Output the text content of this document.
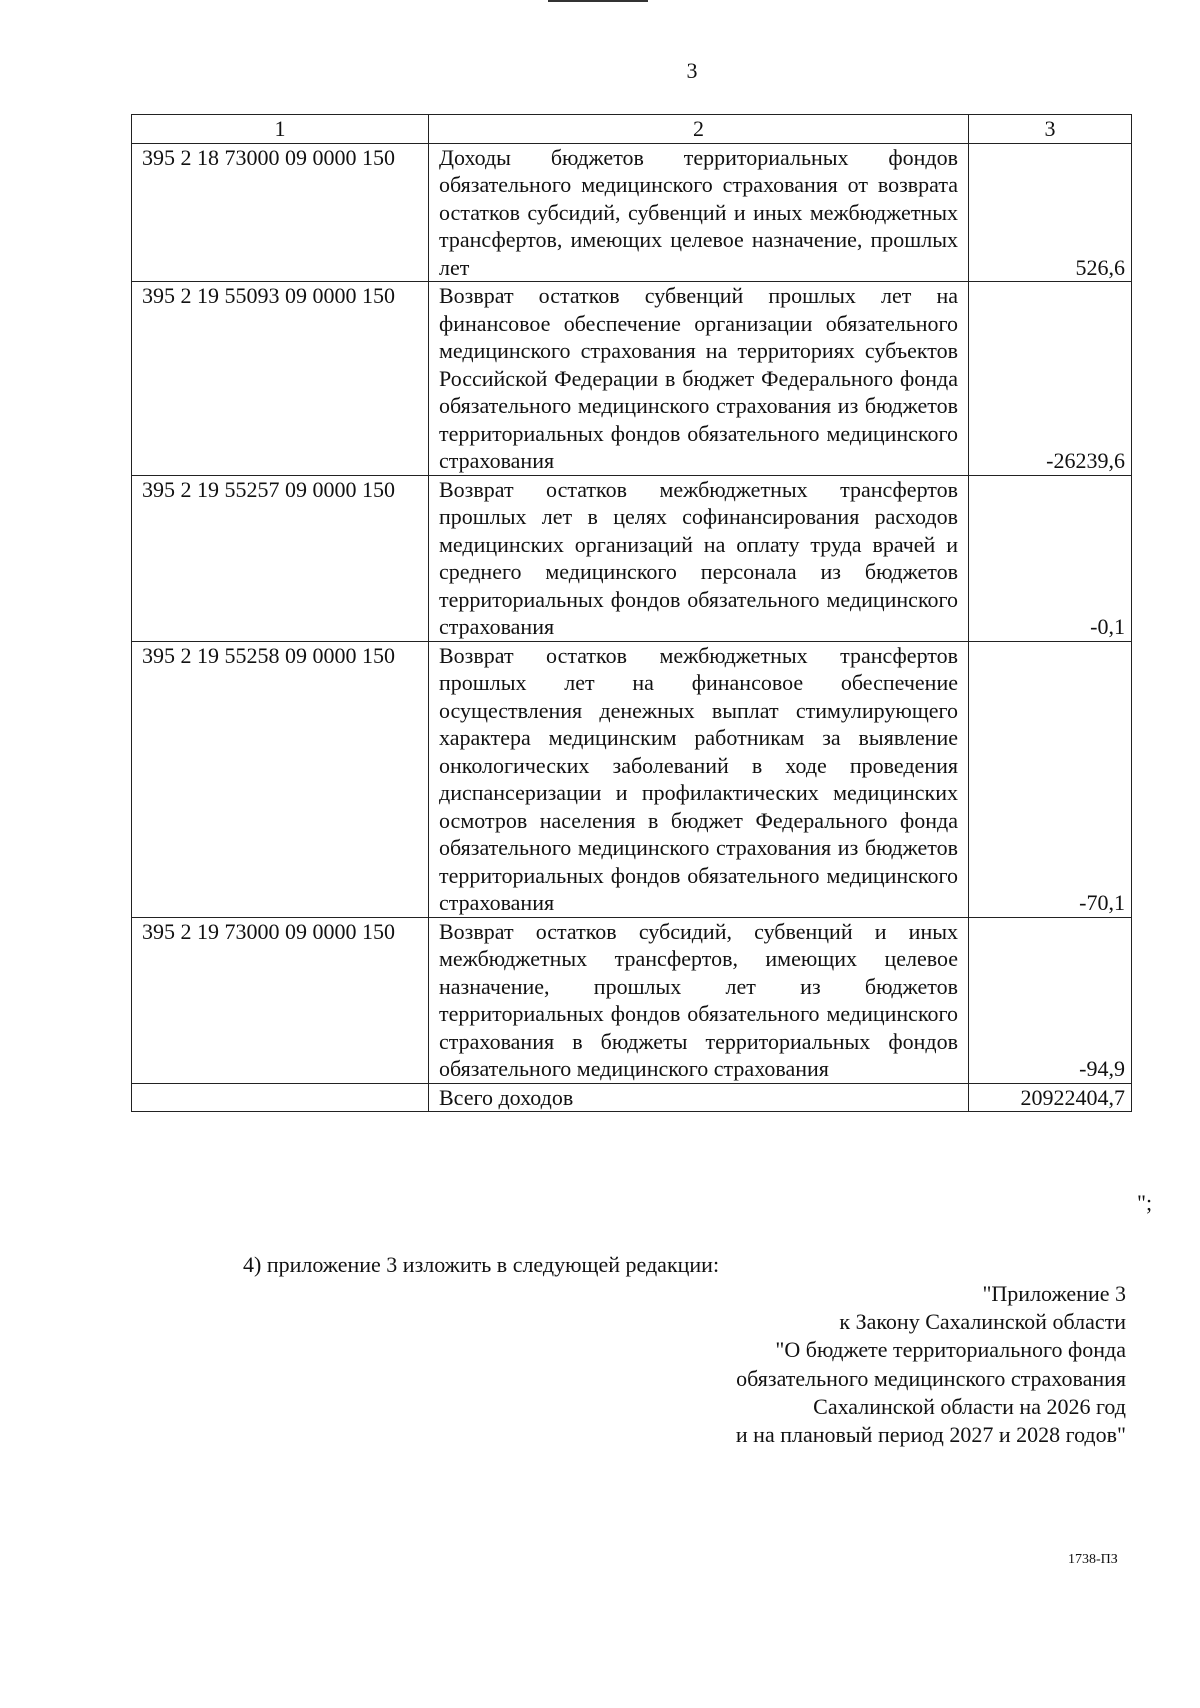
3
1	2	3
395 2 18 73000 09 0000 150	Доходы бюджетов территориальных фондов обязательного медицинского страхования от возврата остатков субсидий, субвенций и иных межбюджетных трансфертов, имеющих целевое назначение, прошлых лет	526,6
395 2 19 55093 09 0000 150	Возврат остатков субвенций прошлых лет на финансовое обеспечение организации обязательного медицинского страхования на территориях субъектов Российской Федерации в бюджет Федерального фонда обязательного медицинского страхования из бюджетов территориальных фондов обязательного медицинского страхования	-26239,6
395 2 19 55257 09 0000 150	Возврат остатков межбюджетных трансфертов прошлых лет в целях софинансирования расходов медицинских организаций на оплату труда врачей и среднего медицинского персонала из бюджетов территориальных фондов обязательного медицинского страхования	-0,1
395 2 19 55258 09 0000 150	Возврат остатков межбюджетных трансфертов прошлых лет на финансовое обеспечение осуществления денежных выплат стимулирующего характера медицинским работникам за выявление онкологических заболеваний в ходе проведения диспансеризации и профилактических медицинских осмотров населения в бюджет Федерального фонда обязательного медицинского страхования из бюджетов территориальных фондов обязательного медицинского страхования	-70,1
395 2 19 73000 09 0000 150	Возврат остатков субсидий, субвенций и иных межбюджетных трансфертов, имеющих целевое назначение, прошлых лет из бюджетов территориальных фондов обязательного медицинского страхования в бюджеты территориальных фондов обязательного медицинского страхования	-94,9
	Всего доходов	20922404,7
";
4) приложение 3 изложить в следующей редакции:
"Приложение 3
к Закону Сахалинской области
"О бюджете территориального фонда
обязательного медицинского страхования
Сахалинской области на 2026 год
и на плановый период 2027 и 2028 годов"
1738-ПЗ
